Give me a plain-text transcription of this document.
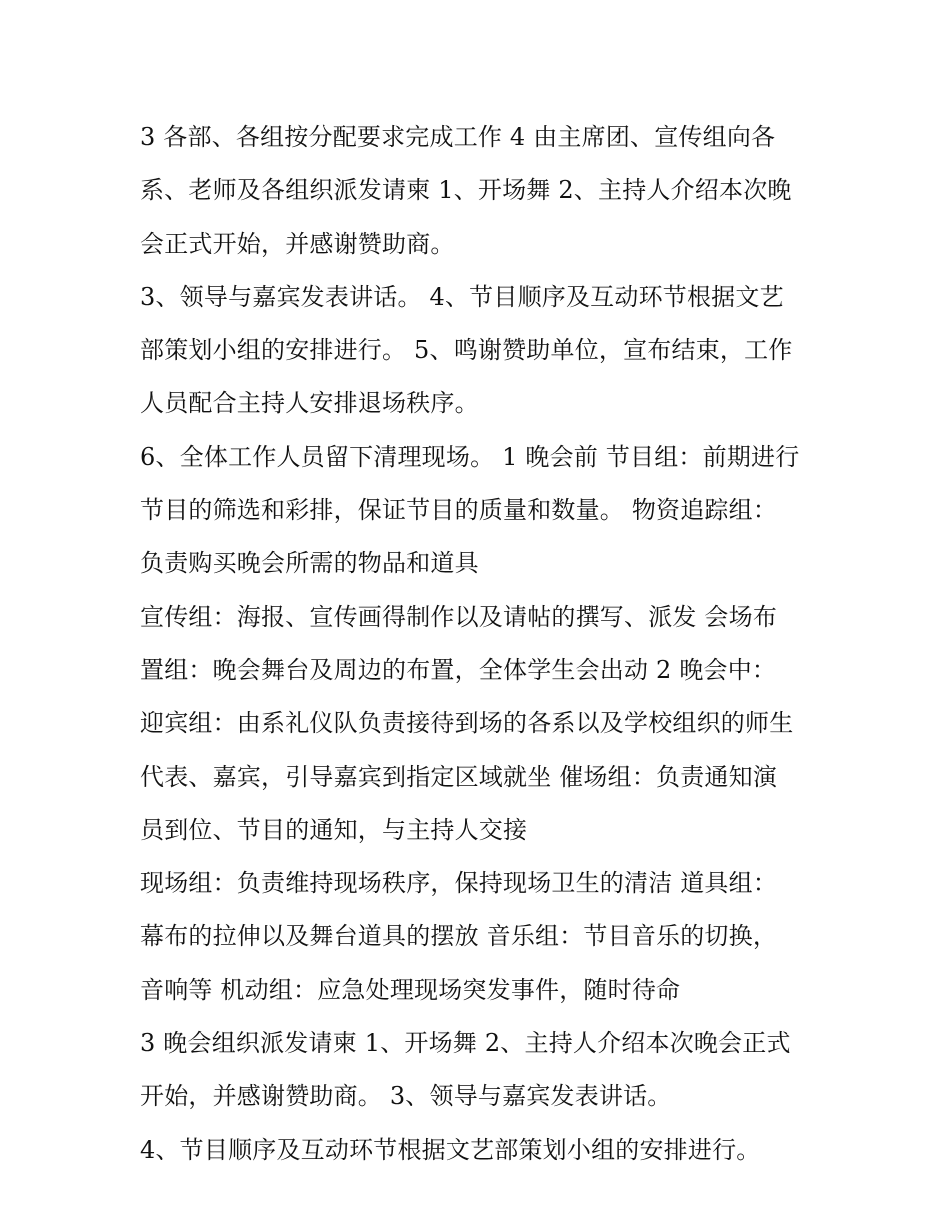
3 各部、各组按分配要求完成工作 4 由主席团、宣传组向各
系、老师及各组织派发请柬 1、开场舞 2、主持人介绍本次晚
会正式开始，并感谢赞助商。
3、领导与嘉宾发表讲话。 4、节目顺序及互动环节根据文艺
部策划小组的安排进行。 5、鸣谢赞助单位，宣布结束，工作
人员配合主持人安排退场秩序。
6、全体工作人员留下清理现场。 1 晚会前 节目组：前期进行
节目的筛选和彩排，保证节目的质量和数量。 物资追踪组：
负责购买晚会所需的物品和道具
宣传组：海报、宣传画得制作以及请帖的撰写、派发 会场布
置组：晚会舞台及周边的布置，全体学生会出动 2 晚会中：
迎宾组：由系礼仪队负责接待到场的各系以及学校组织的师生
代表、嘉宾，引导嘉宾到指定区域就坐 催场组：负责通知演
员到位、节目的通知，与主持人交接
现场组：负责维持现场秩序，保持现场卫生的清洁 道具组：
幕布的拉伸以及舞台道具的摆放 音乐组：节目音乐的切换，
音响等 机动组：应急处理现场突发事件，随时待命
3 晚会组织派发请柬 1、开场舞 2、主持人介绍本次晚会正式
开始，并感谢赞助商。 3、领导与嘉宾发表讲话。
4、节目顺序及互动环节根据文艺部策划小组的安排进行。
